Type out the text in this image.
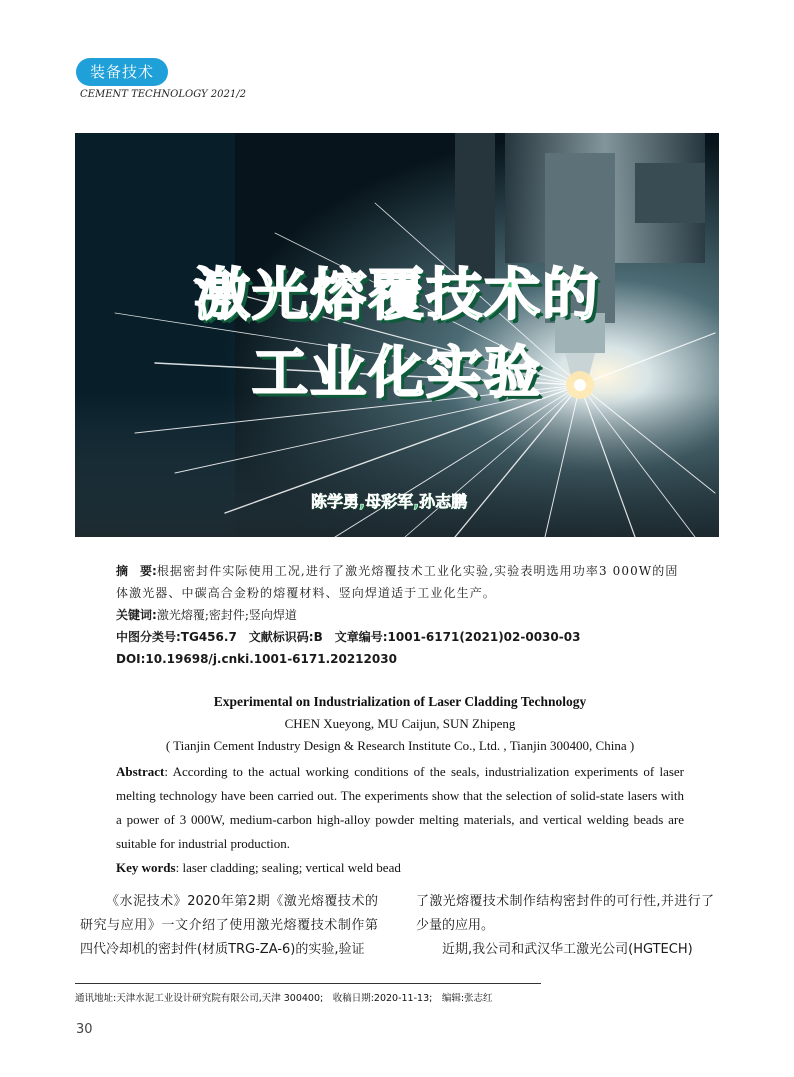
装备技术
CEMENT TECHNOLOGY 2021/2
激光熔覆技术的
工业化实验
陈学勇,母彩军,孙志鹏

摘　要:根据密封件实际使用工况,进行了激光熔覆技术工业化实验,实验表明选用功率3 000W的固体激光器、中碳高合金粉的熔覆材料、竖向焊道适于工业化生产。

关键词:激光熔覆;密封件;竖向焊道

中图分类号:TG456.7　文献标识码:B　文章编号:1001-6171(2021)02-0030-03

DOI:10.19698/j.cnki.1001-6171.20212030

Experimental on Industrialization of Laser Cladding Technology
CHEN Xueyong, MU Caijun, SUN Zhipeng
( Tianjin Cement Industry Design & Research Institute Co., Ltd. , Tianjin 300400, China )
Abstract: According to the actual working conditions of the seals, industrialization experiments of laser melting technology have been carried out. The experiments show that the selection of solid-state lasers with a power of 3 000W, medium-carbon high-alloy powder melting materials, and vertical welding beads are suitable for industrial production.
Key words: laser cladding; sealing; vertical weld bead

《水泥技术》2020年第2期《激光熔覆技术的研究与应用》一文介绍了使用激光熔覆技术制作第四代冷却机的密封件(材质TRG-ZA-6)的实验,验证

了激光熔覆技术制作结构密封件的可行性,并进行了少量的应用。

近期,我公司和武汉华工激光公司(HGTECH)

通讯地址:天津水泥工业设计研究院有限公司,天津 300400;　收稿日期:2020-11-13;　编辑:张志红
30
